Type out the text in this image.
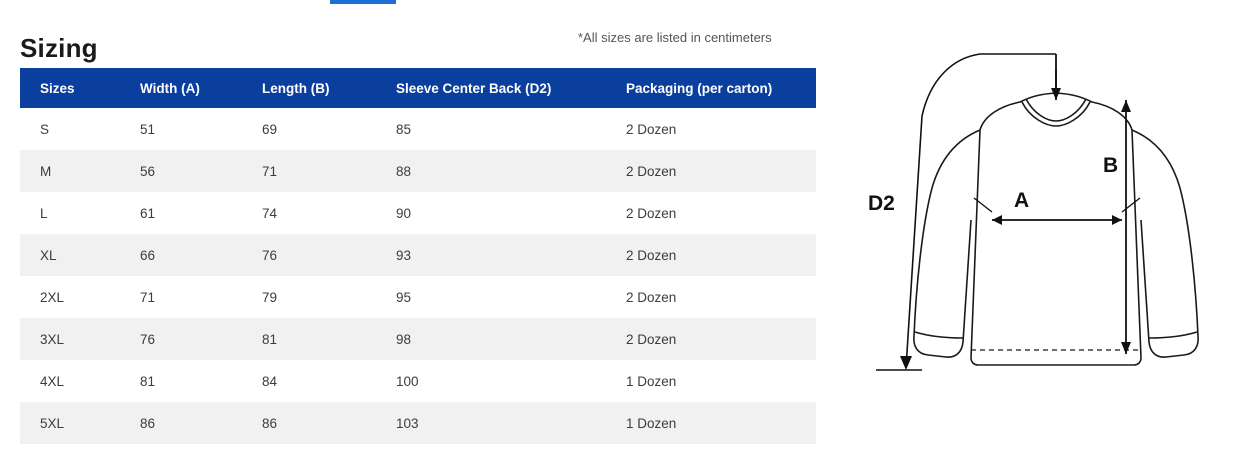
Sizing	*All sizes are listed in centimeters
Sizes	Width (A)	Length (B)	Sleeve Center Back (D2)	Packaging (per carton)
S	51	69	85	2 Dozen
M	56	71	88	2 Dozen
L	61	74	90	2 Dozen
XL	66	76	93	2 Dozen
2XL	71	79	95	2 Dozen
3XL	76	81	98	2 Dozen
4XL	81	84	100	1 Dozen
5XL	86	86	103	1 Dozen
A
B
D2
